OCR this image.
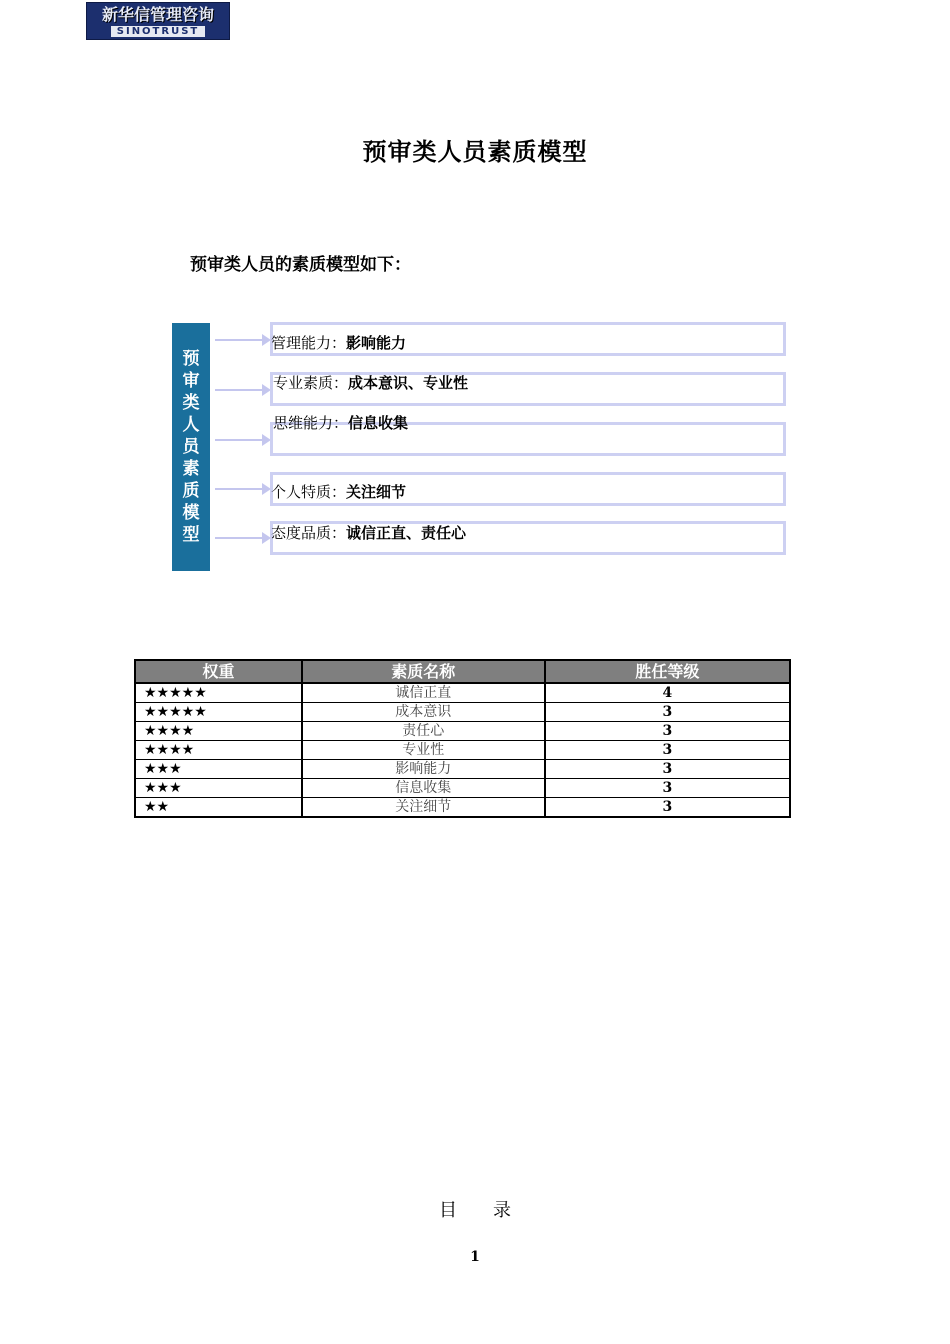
新华信管理咨询
SINOTRUST
预审类人员素质模型
预审类人员的素质模型如下：
预
审
类
人
员
素
质
模
型
管理能力：影响能力
专业素质：成本意识、专业性
思维能力：信息收集
个人特质：关注细节
态度品质：诚信正直、责任心
权重	素质名称	胜任等级
★★★★★	诚信正直	4
★★★★★	成本意识	3
★★★★	责任心	3
★★★★	专业性	3
★★★	影响能力	3
★★★	信息收集	3
★★	关注细节	3
目　　录
1
